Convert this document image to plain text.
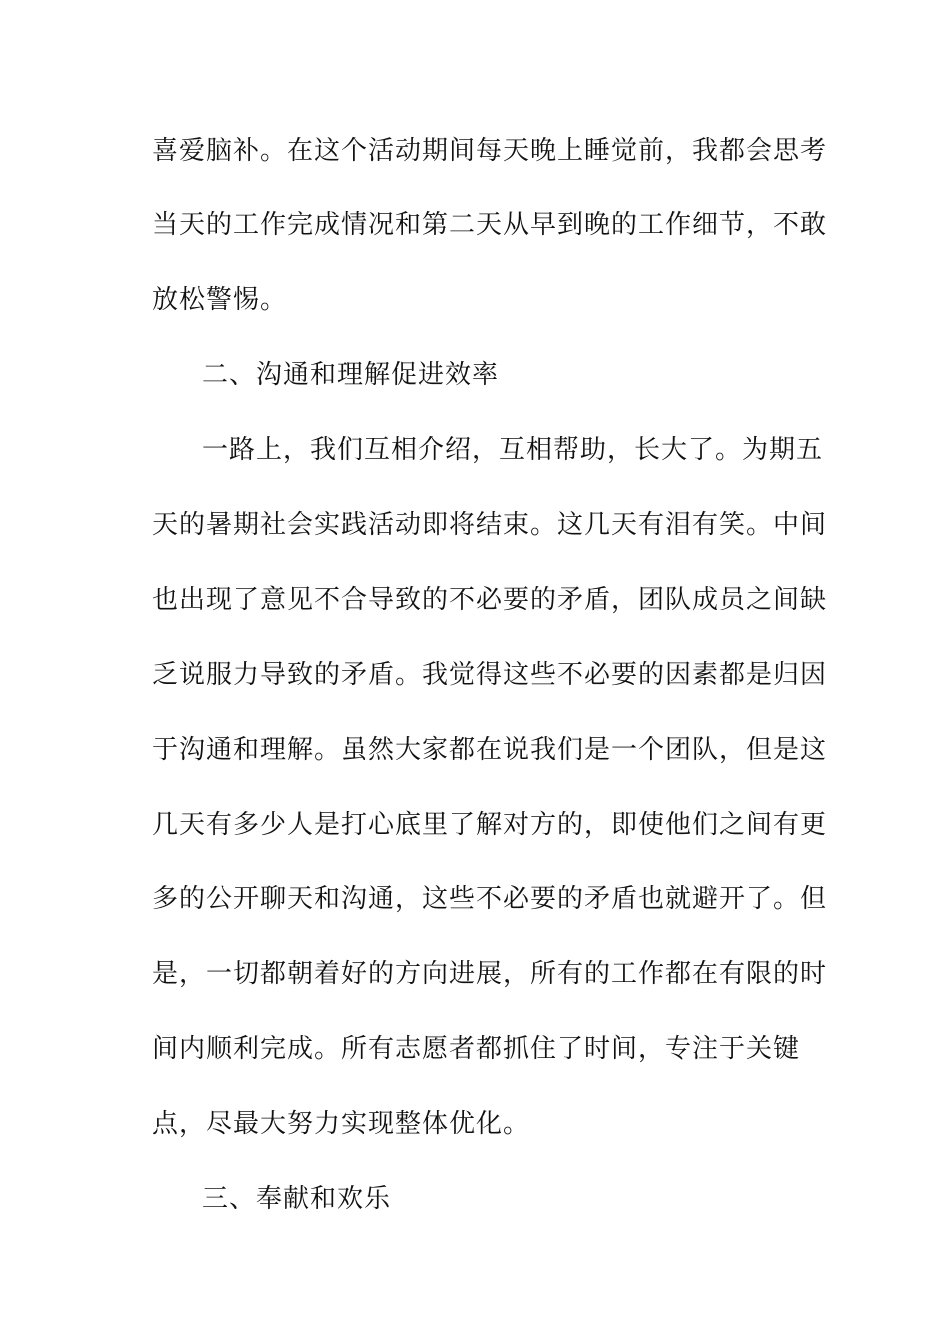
喜爱脑补。在这个活动期间每天晚上睡觉前，我都会思考
当天的工作完成情况和第二天从早到晚的工作细节，不敢
放松警惕。
二、沟通和理解促进效率
一路上，我们互相介绍，互相帮助，长大了。为期五
天的暑期社会实践活动即将结束。这几天有泪有笑。中间
也出现了意见不合导致的不必要的矛盾，团队成员之间缺
乏说服力导致的矛盾。我觉得这些不必要的因素都是归因
于沟通和理解。虽然大家都在说我们是一个团队，但是这
几天有多少人是打心底里了解对方的，即使他们之间有更
多的公开聊天和沟通，这些不必要的矛盾也就避开了。但
是，一切都朝着好的方向进展，所有的工作都在有限的时
间内顺利完成。所有志愿者都抓住了时间，专注于关键
点，尽最大努力实现整体优化。
三、奉献和欢乐
